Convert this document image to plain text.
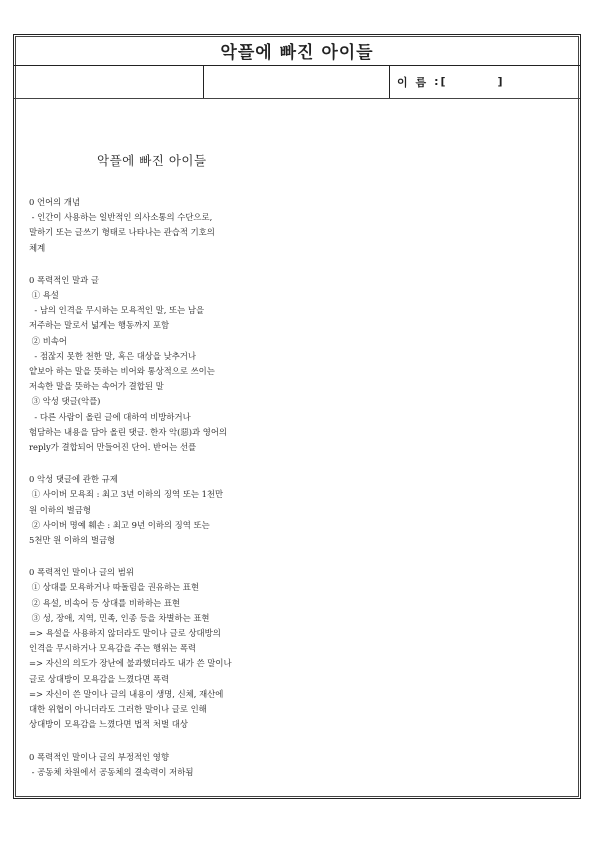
악플에 빠진 아이들
이 름 : [	]
악플에 빠진 아이들
0 언어의 개념
- 인간이 사용하는 일반적인 의사소통의 수단으로,
말하기 또는 글쓰기 형태로 나타나는 관습적 기호의
체계
0 폭력적인 말과 글
① 욕설
- 남의 인격을 무시하는 모욕적인 말, 또는 남을
저주하는 말로서 넓게는 행동까지 포함
② 비속어
- 점잖지 못한 천한 말, 혹은 대상을 낮추거나
얕보아 하는 말을 뜻하는 비어와 통상적으로 쓰이는
저속한 말을 뜻하는 속어가 결합된 말
③ 악성 댓글(악플)
- 다른 사람이 올린 글에 대하여 비방하거나
험담하는 내용을 담아 올린 댓글. 한자 악(惡)과 영어의
reply가 결합되어 만들어진 단어. 반어는 선플
0 악성 댓글에 관한 규제
① 사이버 모욕죄 : 최고 3년 이하의 징역 또는 1천만
원 이하의 벌금형
② 사이버 명예 훼손 : 최고 9년 이하의 징역 또는
5천만 원 이하의 벌금형
0 폭력적인 말이나 글의 범위
① 상대를 모욕하거나 따돌림을 권유하는 표현
② 욕설, 비속어 등 상대를 비하하는 표현
③ 성, 장애, 지역, 민족, 인종 등을 차별하는 표현
=> 욕설을 사용하지 않더라도 말이나 글로 상대방의
인격을 무시하거나 모욕감을 주는 행위는 폭력
=> 자신의 의도가 장난에 불과했더라도 내가 쓴 말이나
글로 상대방이 모욕감을 느꼈다면 폭력
=> 자신이 쓴 말이나 글의 내용이 생명, 신체, 재산에
대한 위협이 아니더라도 그러한 말이나 글로 인해
상대방이 모욕감을 느꼈다면 법적 처벌 대상
0 폭력적인 말이나 글의 부정적인 영향
- 공동체 차원에서 공동체의 결속력이 저하됨
